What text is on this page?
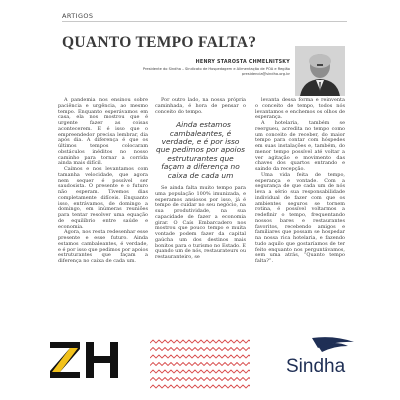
ARTIGOS
QUANTO TEMPO FALTA?
HENRY STAROSTA CHMELNITSKY
Presidente do Sindha – Sindicato de Hospedagem e Alimentação de POA e Região
presidencia@sindha.org.br

A pandemia nos ensinou sobre paciência e urgência, ao mesmo tempo. Enquanto esperávamos em casa, ela nos mostrou que é urgente fazer as coisas acontecerem. E é isso que o empreendedor precisa lembrar, dia após dia. A diferença é que os últimos tempos colocaram obstáculos inéditos no nosso caminho para tornar a corrida ainda mais difícil.

Caímos e nos levantamos com tamanha velocidade, que agora nem sequer é possível ser saudosista. O presente e o futuro não esperam. Tivemos dias completamente difíceis. Enquanto isso, entrávamos, de domingo a domingo, em inúmeras reuniões para tentar resolver uma equação de equilíbrio entre saúde e economia.

Agora, nos resta redesenhar esse presente e esse futuro. Ainda estamos cambaleantes, é verdade, e é por isso que pedimos por apoios estruturantes que façam a diferença no caixa de cada um.

Por outro lado, na nossa própria caminhada, é hora de pensar o conceito do tempo.

Ainda estamos cambaleantes, é verdade, e é por isso que pedimos por apoios estruturantes que façam a diferença no caixa de cada um

Se ainda falta muito tempo para uma população 100% imunizada, e esperamos ansiosos por isso, já é tempo de cuidar no seu negócio, na sua produtividade, na sua capacidade de fazer a economia girar. O Caís Embarcadero nos mostrou que pouco tempo e muita vontade podem fazer da capital gaúcha um dos destinos mais bonitos para o turismo no Estado. E quando um de nós, restaurateurs ou restauranteiro, se

levanta dessa forma e reinventa o conceito de tempo, todos nós levantamos e enchemos os olhos de esperança.

A hotelaria, também se reergueu, acredita no tempo como um conceito de receber, do maior tempo para contar com hóspedes em suas instalações e, também, do menor tempo possível até voltar a ver agitação e movimento das chaves dos quartos entrando e saindo da recepção.

Uma vida feita de tempo, esperança e vontade. Com a segurança de que cada um de nós leva a sério sua responsabilidade individual de fazer com que os ambientes seguros se tornem rotina, é possível voltarmos a redefinir o tempo, frequentando nossos bares e restaurantes favoritos, recebendo amigos e familiares que possam se hospedar na nossa rica hotelaria, e fazendo tudo aquilo que gostaríamos de ter feito enquanto nos perguntávamos, sem uma atrás, “Quanto tempo falta?”.

Sindha
